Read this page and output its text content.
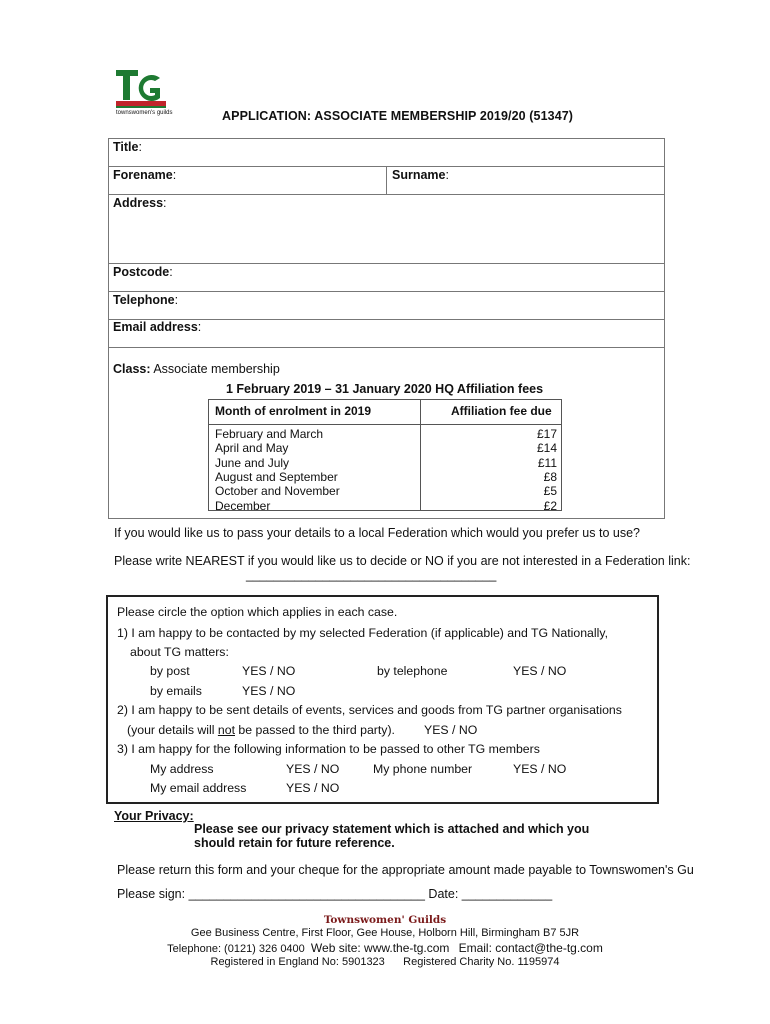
townswomen's guilds	APPLICATION: ASSOCIATE MEMBERSHIP 2019/20 (51347)
Title:
Forename:	Surname:
Address:
Postcode:
Telephone:
Email address:
Class: Associate membership
1 February 2019 – 31 January 2020 HQ Affiliation fees
Month of enrolment in 2019	Affiliation fee due
February and March	£17
April and May	£14
June and July	£11
August and September	£8
October and November	£5
December	£2
If you would like us to pass your details to a local Federation which would you prefer us to use?
Please write NEAREST if you would like us to decide or NO if you are not interested in a Federation link:
____________________________________
Please circle the option which applies in each case.
1) I am happy to be contacted by my selected Federation (if applicable) and TG Nationally,
about TG matters:
by post	YES / NO	by telephone	YES / NO
by emails	YES / NO
2) I am happy to be sent details of events, services and goods from TG partner organisations
(your details will not be passed to the third party). YES / NO
3) I am happy for the following information to be passed to other TG members
My address	YES / NO	My phone number	YES / NO
My email address	YES / NO
Your Privacy:
Please see our privacy statement which is attached and which you
should retain for future reference.
Please return this form and your cheque for the appropriate amount made payable to Townswomen's Gu
Please sign: __________________________________ Date: _____________
Townswomen' Guilds
Gee Business Centre, First Floor, Gee House, Holborn Hill, Birmingham B7 5JR
Telephone: (0121) 326 0400 Web site: www.the-tg.com Email: contact@the-tg.com
Registered in England No: 5901323 Registered Charity No. 1195974
